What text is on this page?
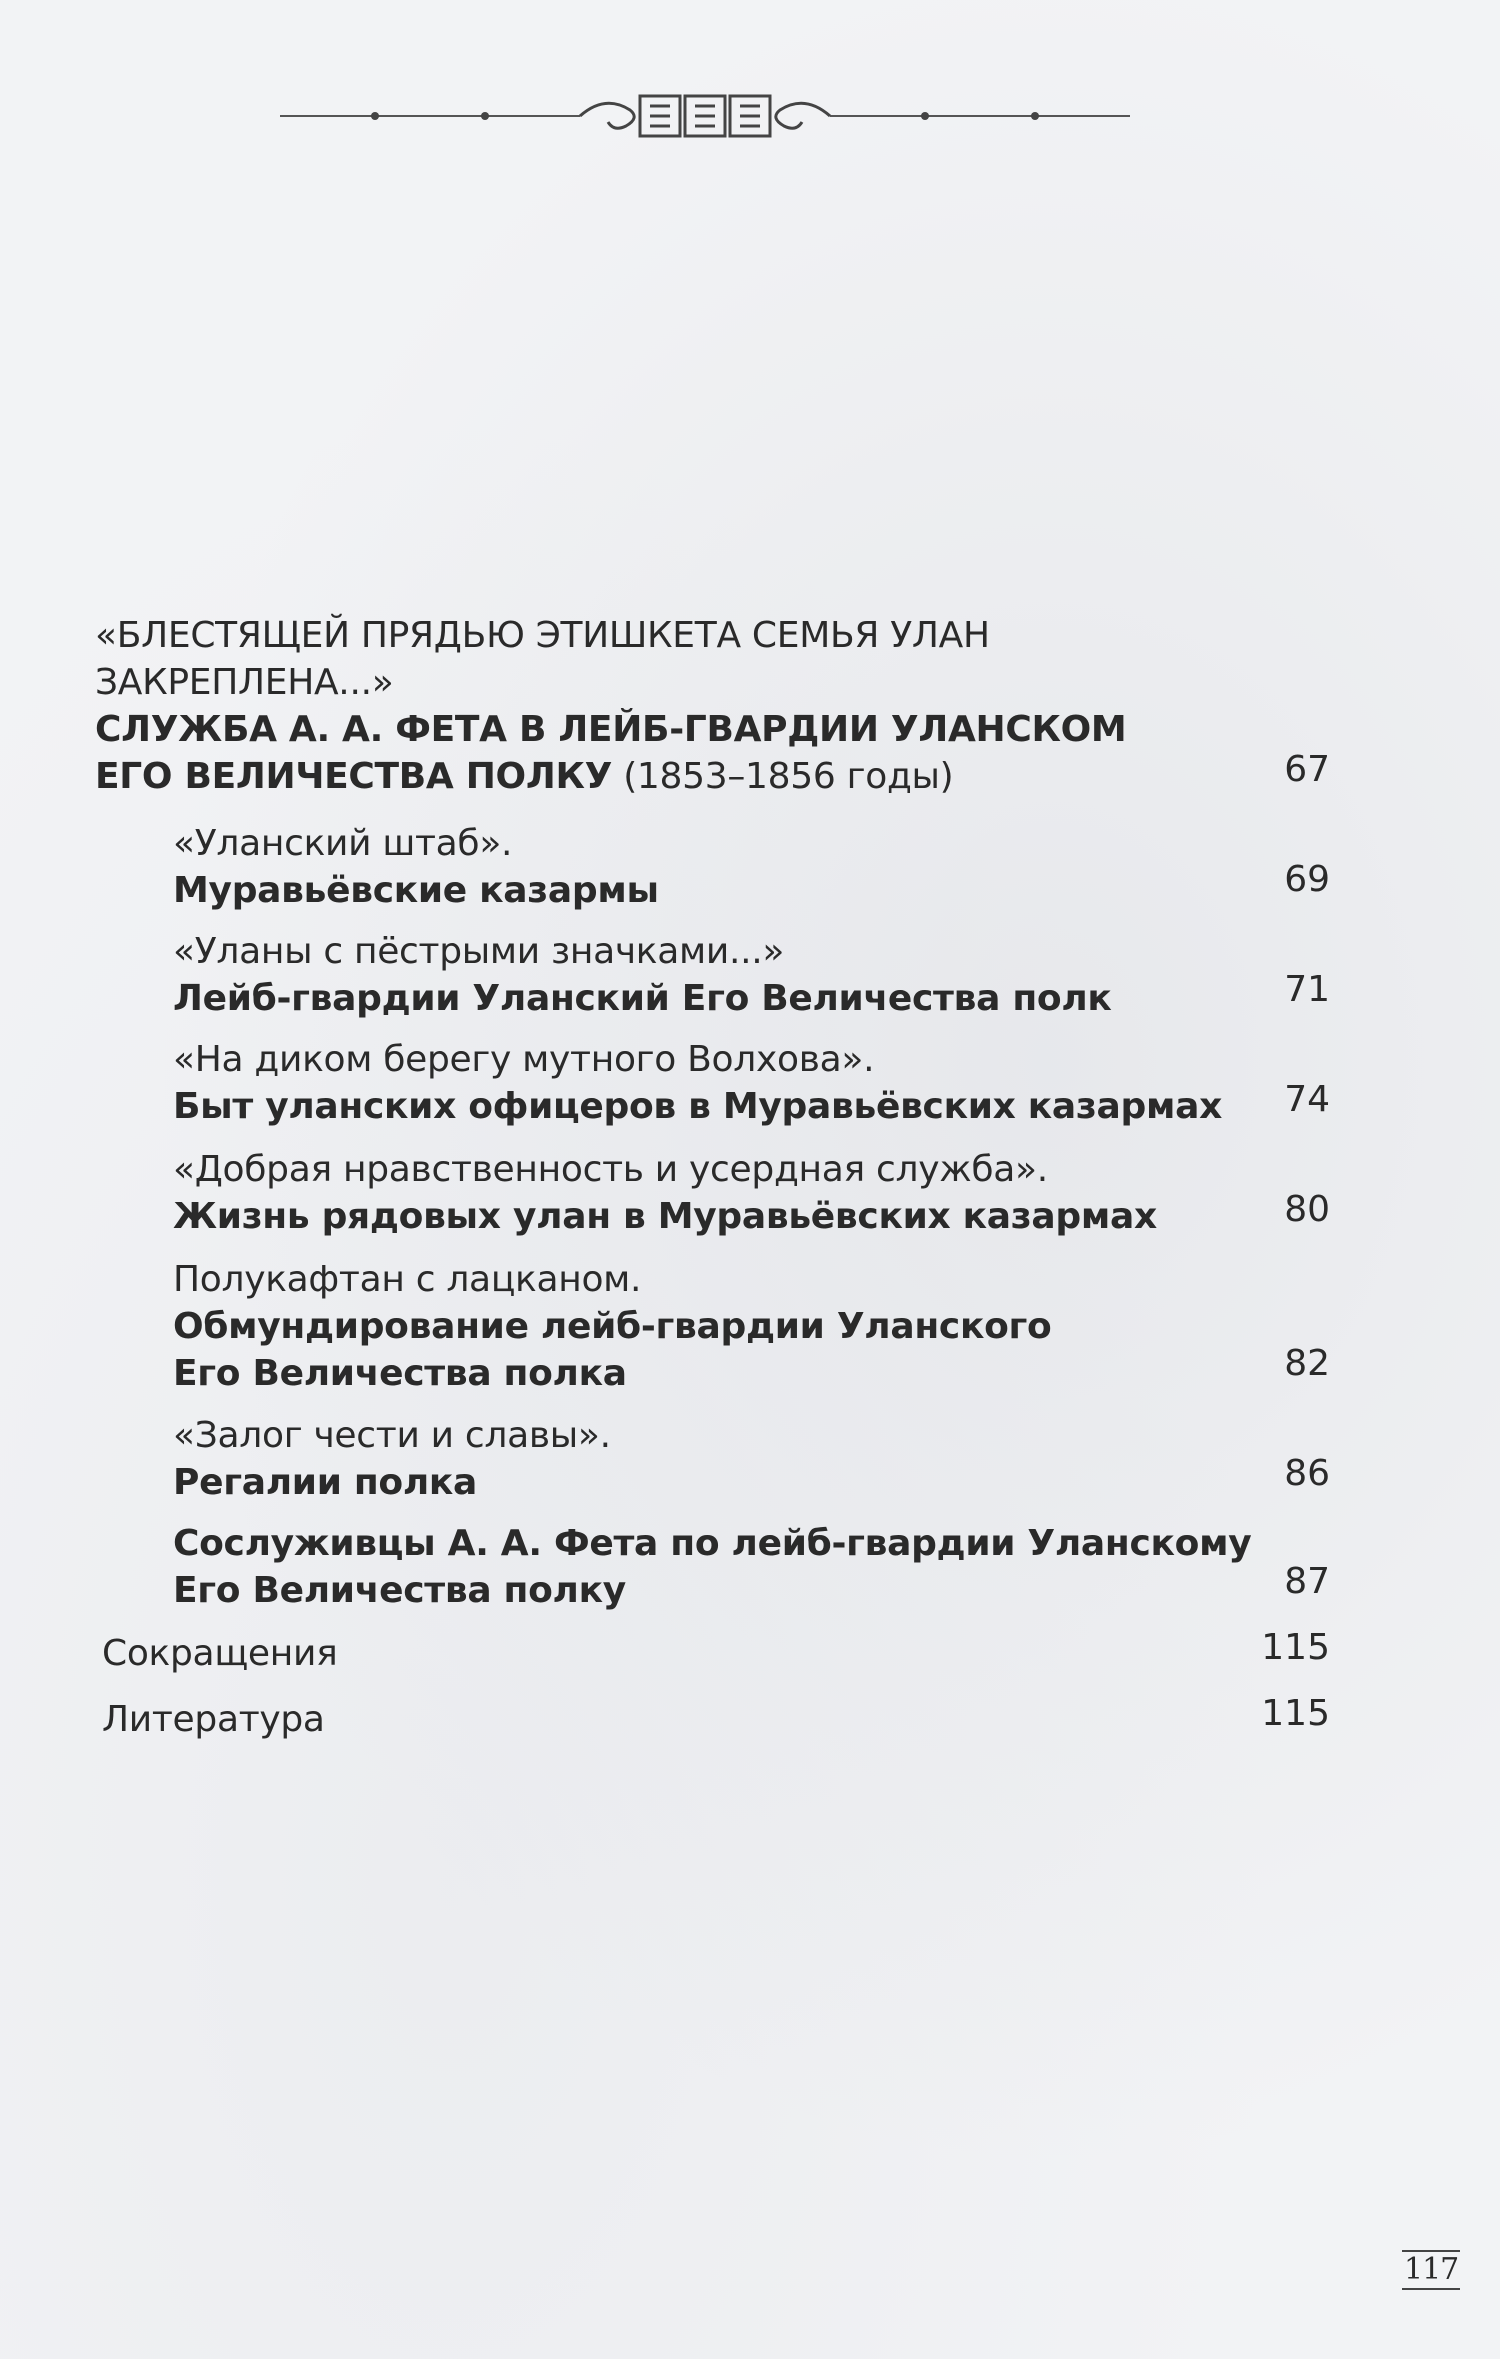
«БЛЕСТЯЩЕЙ ПРЯДЬЮ ЭТИШКЕТА СЕМЬЯ УЛАН
ЗАКРЕПЛЕНА...»
СЛУЖБА А. А. ФЕТА В ЛЕЙБ-ГВАРДИИ УЛАНСКОМ
ЕГО ВЕЛИЧЕСТВА ПОЛКУ (1853–1856 годы)	67
«Уланский штаб».
Муравьёвские казармы	69
«Уланы с пёстрыми значками...»
Лейб-гвардии Уланский Его Величества полк	71
«На диком берегу мутного Волхова».
Быт уланских офицеров в Муравьёвских казармах	74
«Добрая нравственность и усердная служба».
Жизнь рядовых улан в Муравьёвских казармах	80
Полукафтан с лацканом.
Обмундирование лейб-гвардии Уланского
Его Величества полка	82
«Залог чести и славы».
Регалии полка	86
Сослуживцы А. А. Фета по лейб-гвардии Уланскому
Его Величества полку	87
Сокращения	115
Литература	115
117
